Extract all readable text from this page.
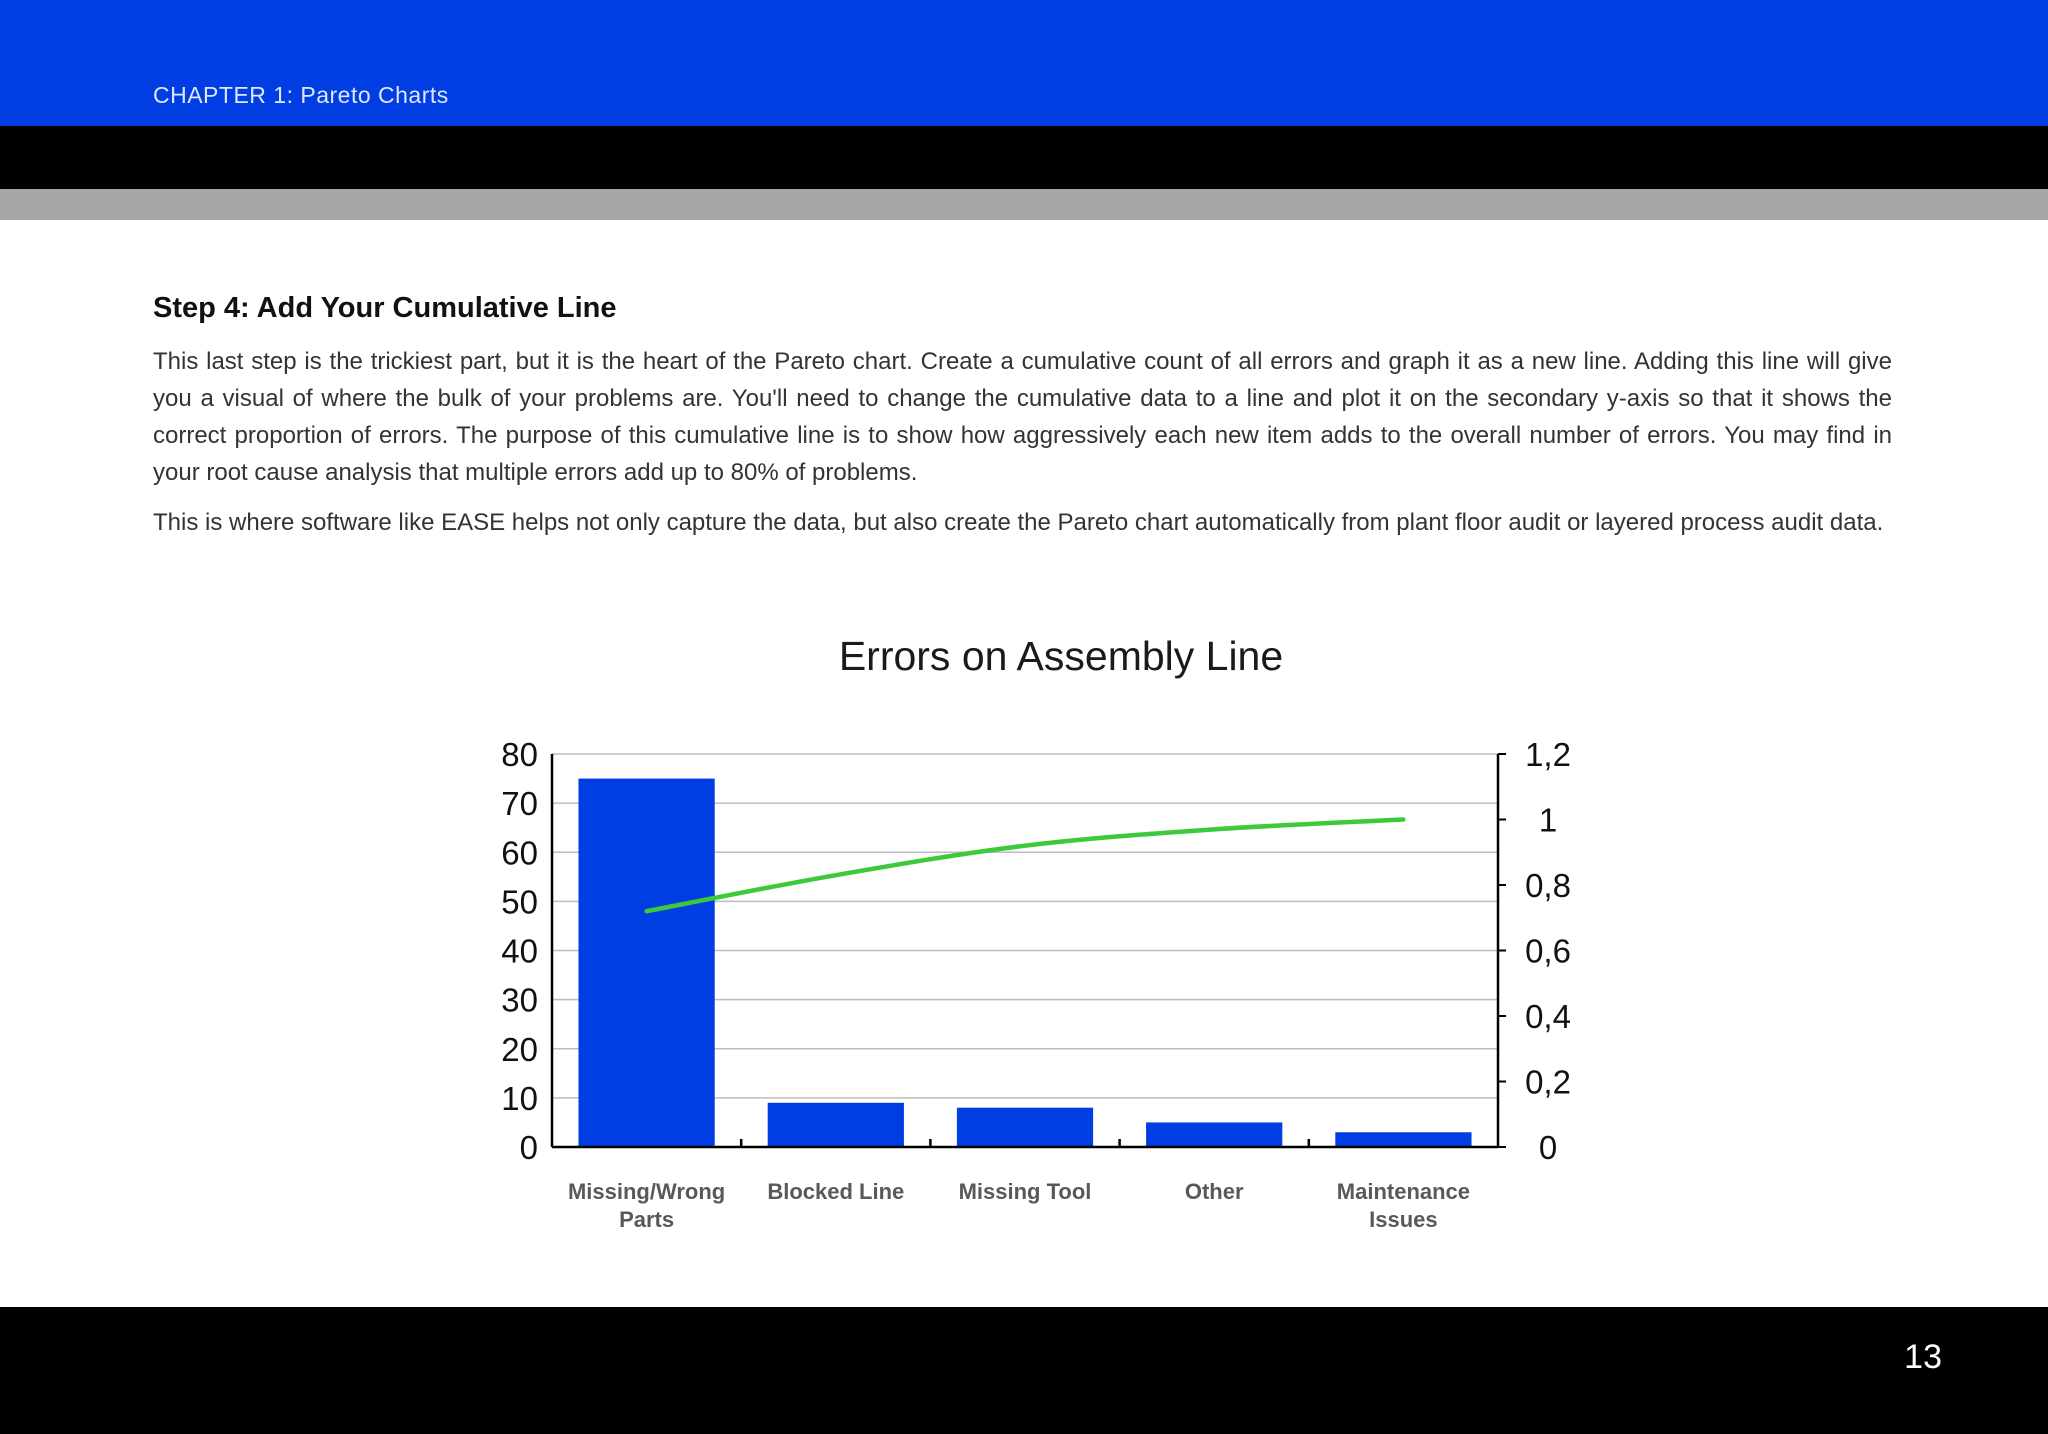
CHAPTER 1: Pareto Charts
Step 4: Add Your Cumulative Line

This last step is the trickiest part, but it is the heart of the Pareto chart. Create a cumulative count of all errors and graph it as a new line. Adding this line will give you a visual of where the bulk of your problems are. You'll need to change the cumulative data to a line and plot it on the secondary y-axis so that it shows the correct proportion of errors. The purpose of this cumulative line is to show how aggressively each new item adds to the overall number of errors. You may find in your root cause analysis that multiple errors add up to 80% of problems.

This is where software like EASE helps not only capture the data, but also create the Pareto chart automatically from plant floor audit or layered process audit data.

Errors on Assembly Line
0
10
20
30
40
50
60
70
80
0
0,2
0,4
0,6
0,8
1
1,2
Missing/Wrong Parts
Blocked Line Missing Tool	Other	Maintenance Issues
13
